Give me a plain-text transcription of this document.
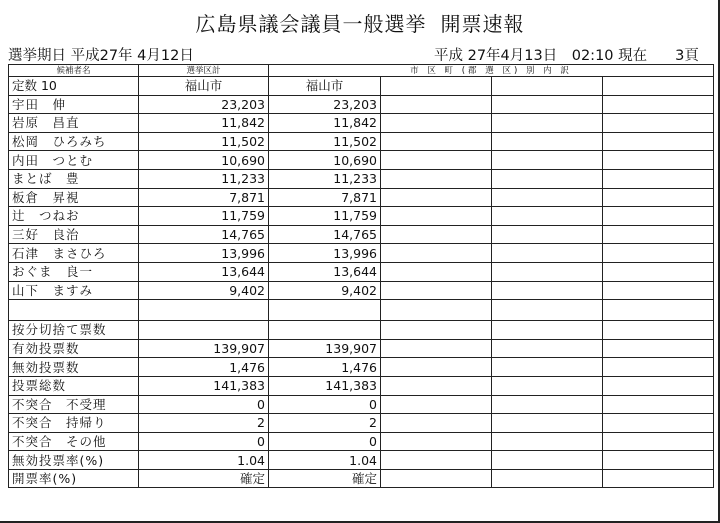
広島県議会議員一般選挙 開票速報
選挙期日 平成27年 4月12日	平成 27年4月13日　02:10 現在 3頁
候補者名	選挙区計	市 区 町 (郡 選 区) 別 内 訳			
定数 10	福山市	福山市			
宇田　伸	23,203	23,203			
岩原　昌直	11,842	11,842			
松岡　ひろみち	11,502	11,502			
内田　つとむ	10,690	10,690			
まとば　豊	11,233	11,233			
板倉　昇視	7,871	7,871			
辻　つねお	11,759	11,759			
三好　良治	14,765	14,765			
石津　まさひろ	13,996	13,996			
おぐま　良一	13,644	13,644			
山下　ますみ	9,402	9,402			

按分切捨て票数					
有効投票数	139,907	139,907			
無効投票数	1,476	1,476			
投票総数	141,383	141,383			
不突合　不受理	0	0			
不突合　持帰り	2	2			
不突合　その他	0	0			
無効投票率(%)	1.04	1.04			
開票率(%)	確定	確定			
